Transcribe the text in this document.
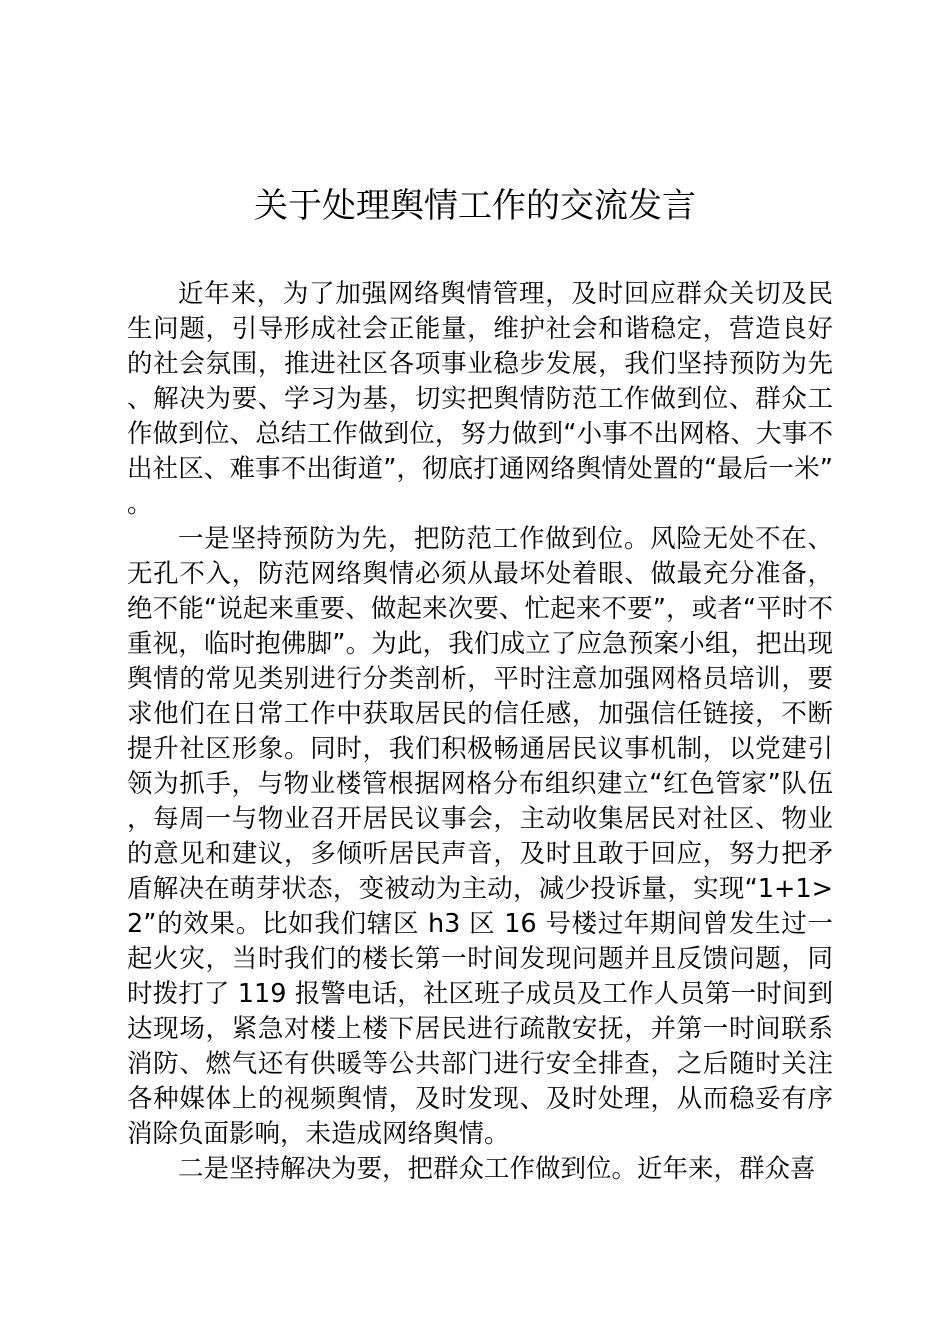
关于处理舆情工作的交流发言

近年来，为了加强网络舆情管理，及时回应群众关切及民生问题，引导形成社会正能量，维护社会和谐稳定，营造良好的社会氛围，推进社区各项事业稳步发展，我们坚持预防为先、解决为要、学习为基，切实把舆情防范工作做到位、群众工作做到位、总结工作做到位，努力做到“小事不出网格、大事不出社区、难事不出街道”，彻底打通网络舆情处置的“最后一米”。

一是坚持预防为先，把防范工作做到位。风险无处不在、无孔不入，防范网络舆情必须从最坏处着眼、做最充分准备，绝不能“说起来重要、做起来次要、忙起来不要”，或者“平时不重视，临时抱佛脚”。为此，我们成立了应急预案小组，把出现舆情的常见类别进行分类剖析，平时注意加强网格员培训，要求他们在日常工作中获取居民的信任感，加强信任链接，不断提升社区形象。同时，我们积极畅通居民议事机制，以党建引领为抓手，与物业楼管根据网格分布组织建立“红色管家”队伍，每周一与物业召开居民议事会，主动收集居民对社区、物业的意见和建议，多倾听居民声音，及时且敢于回应，努力把矛盾解决在萌芽状态，变被动为主动，减少投诉量，实现“1+1>2”的效果。比如我们辖区 h3 区 16 号楼过年期间曾发生过一起火灾，当时我们的楼长第一时间发现问题并且反馈问题，同时拨打了 119 报警电话，社区班子成员及工作人员第一时间到达现场，紧急对楼上楼下居民进行疏散安抚，并第一时间联系消防、燃气还有供暖等公共部门进行安全排查，之后随时关注各种媒体上的视频舆情，及时发现、及时处理，从而稳妥有序消除负面影响，未造成网络舆情。

二是坚持解决为要，把群众工作做到位。近年来，群众喜
